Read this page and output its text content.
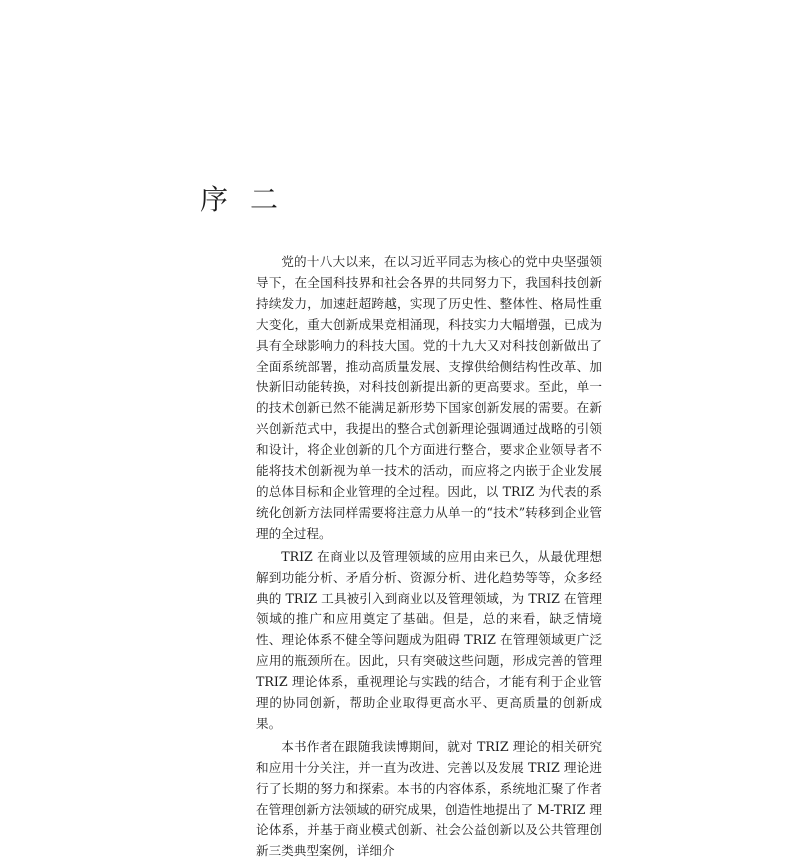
序 二

党的十八大以来，在以习近平同志为核心的党中央坚强领导下，在全国科技界和社会各界的共同努力下，我国科技创新持续发力，加速赶超跨越，实现了历史性、整体性、格局性重大变化，重大创新成果竞相涌现，科技实力大幅增强，已成为具有全球影响力的科技大国。党的十九大又对科技创新做出了全面系统部署，推动高质量发展、支撑供给侧结构性改革、加快新旧动能转换，对科技创新提出新的更高要求。至此，单一的技术创新已然不能满足新形势下国家创新发展的需要。在新兴创新范式中，我提出的整合式创新理论强调通过战略的引领和设计，将企业创新的几个方面进行整合，要求企业领导者不能将技术创新视为单一技术的活动，而应将之内嵌于企业发展的总体目标和企业管理的全过程。因此，以 TRIZ 为代表的系统化创新方法同样需要将注意力从单一的“技术”转移到企业管理的全过程。

TRIZ 在商业以及管理领域的应用由来已久，从最优理想解到功能分析、矛盾分析、资源分析、进化趋势等等，众多经典的 TRIZ 工具被引入到商业以及管理领域，为 TRIZ 在管理领域的推广和应用奠定了基础。但是，总的来看，缺乏情境性、理论体系不健全等问题成为阻碍 TRIZ 在管理领域更广泛应用的瓶颈所在。因此，只有突破这些问题，形成完善的管理 TRIZ 理论体系，重视理论与实践的结合，才能有利于企业管理的协同创新，帮助企业取得更高水平、更高质量的创新成果。

本书作者在跟随我读博期间，就对 TRIZ 理论的相关研究和应用十分关注，并一直为改进、完善以及发展 TRIZ 理论进行了长期的努力和探索。本书的内容体系，系统地汇聚了作者在管理创新方法领域的研究成果，创造性地提出了 M-TRIZ 理论体系，并基于商业模式创新、社会公益创新以及公共管理创新三类典型案例，详细介
